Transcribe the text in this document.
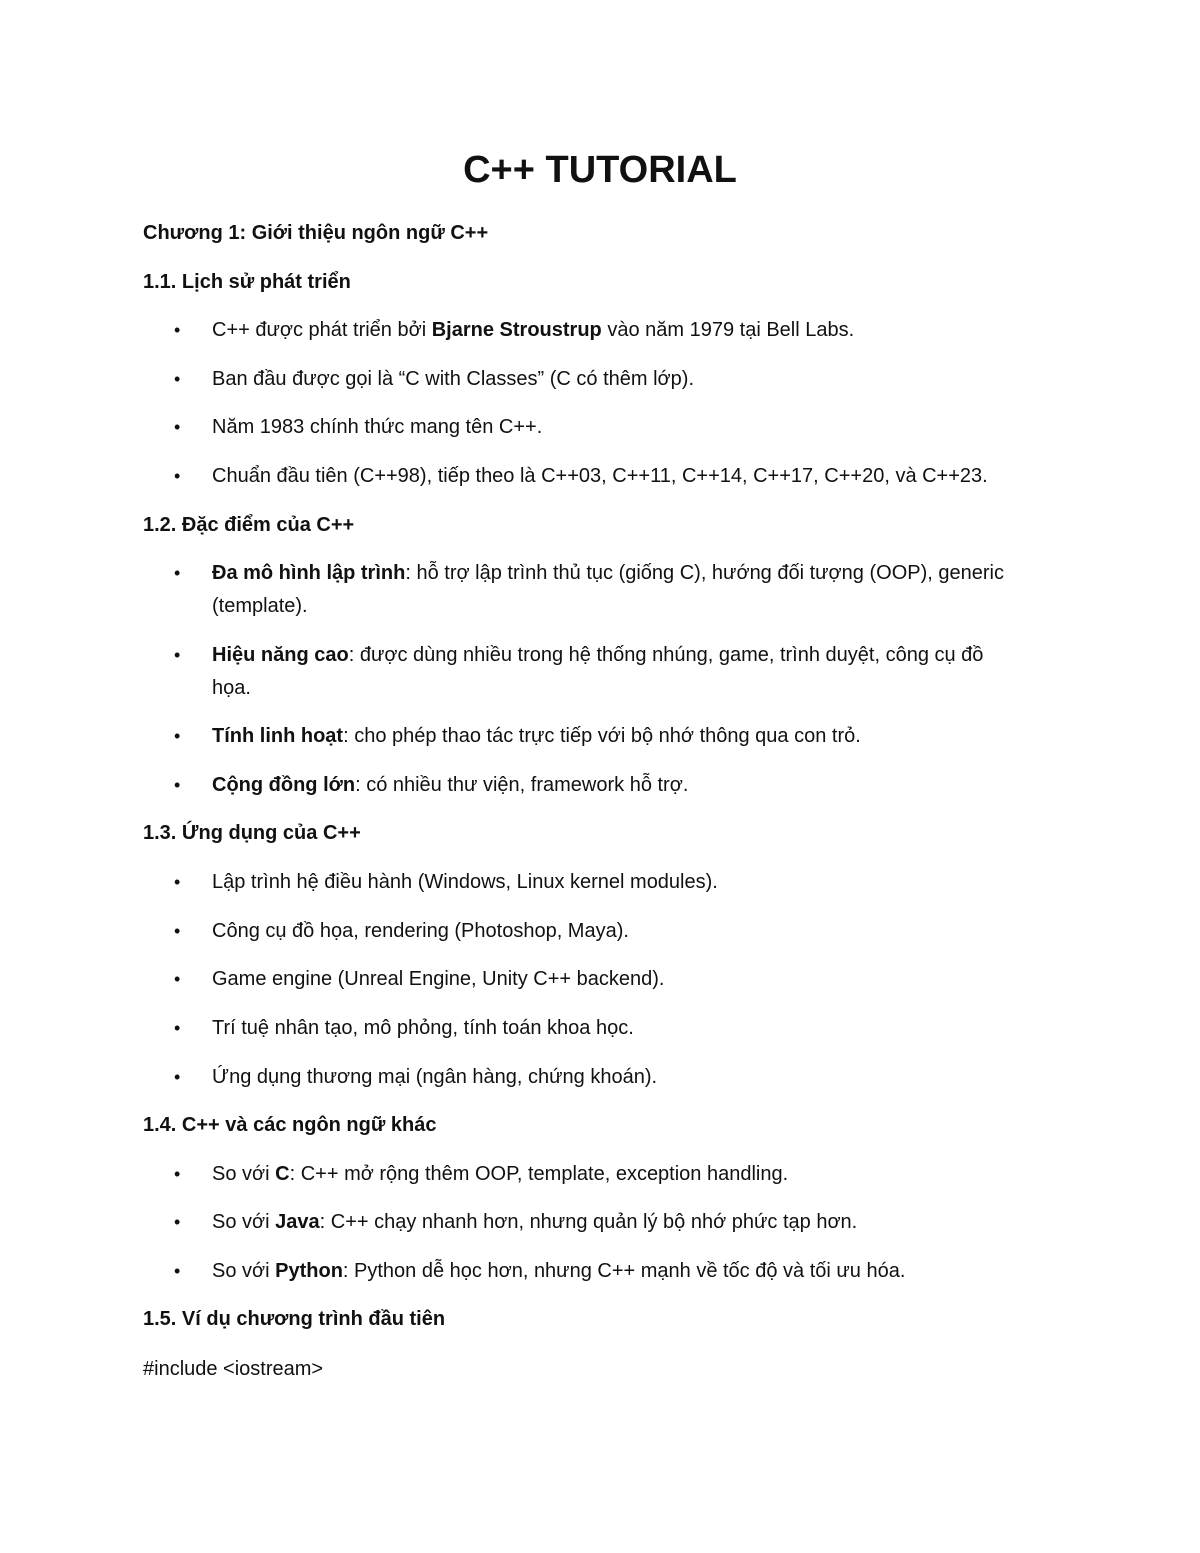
C++ TUTORIAL
Chương 1: Giới thiệu ngôn ngữ C++
1.1. Lịch sử phát triển
• C++ được phát triển bởi Bjarne Stroustrup vào năm 1979 tại Bell Labs.
• Ban đầu được gọi là “C with Classes” (C có thêm lớp).
• Năm 1983 chính thức mang tên C++.
• Chuẩn đầu tiên (C++98), tiếp theo là C++03, C++11, C++14, C++17, C++20, và C++23.
1.2. Đặc điểm của C++
• Đa mô hình lập trình: hỗ trợ lập trình thủ tục (giống C), hướng đối tượng (OOP), generic
(template).
• Hiệu năng cao: được dùng nhiều trong hệ thống nhúng, game, trình duyệt, công cụ đồ
họa.
• Tính linh hoạt: cho phép thao tác trực tiếp với bộ nhớ thông qua con trỏ.
• Cộng đồng lớn: có nhiều thư viện, framework hỗ trợ.
1.3. Ứng dụng của C++
• Lập trình hệ điều hành (Windows, Linux kernel modules).
• Công cụ đồ họa, rendering (Photoshop, Maya).
• Game engine (Unreal Engine, Unity C++ backend).
• Trí tuệ nhân tạo, mô phỏng, tính toán khoa học.
• Ứng dụng thương mại (ngân hàng, chứng khoán).
1.4. C++ và các ngôn ngữ khác
• So với C: C++ mở rộng thêm OOP, template, exception handling.
• So với Java: C++ chạy nhanh hơn, nhưng quản lý bộ nhớ phức tạp hơn.
• So với Python: Python dễ học hơn, nhưng C++ mạnh về tốc độ và tối ưu hóa.
1.5. Ví dụ chương trình đầu tiên
#include <iostream>
